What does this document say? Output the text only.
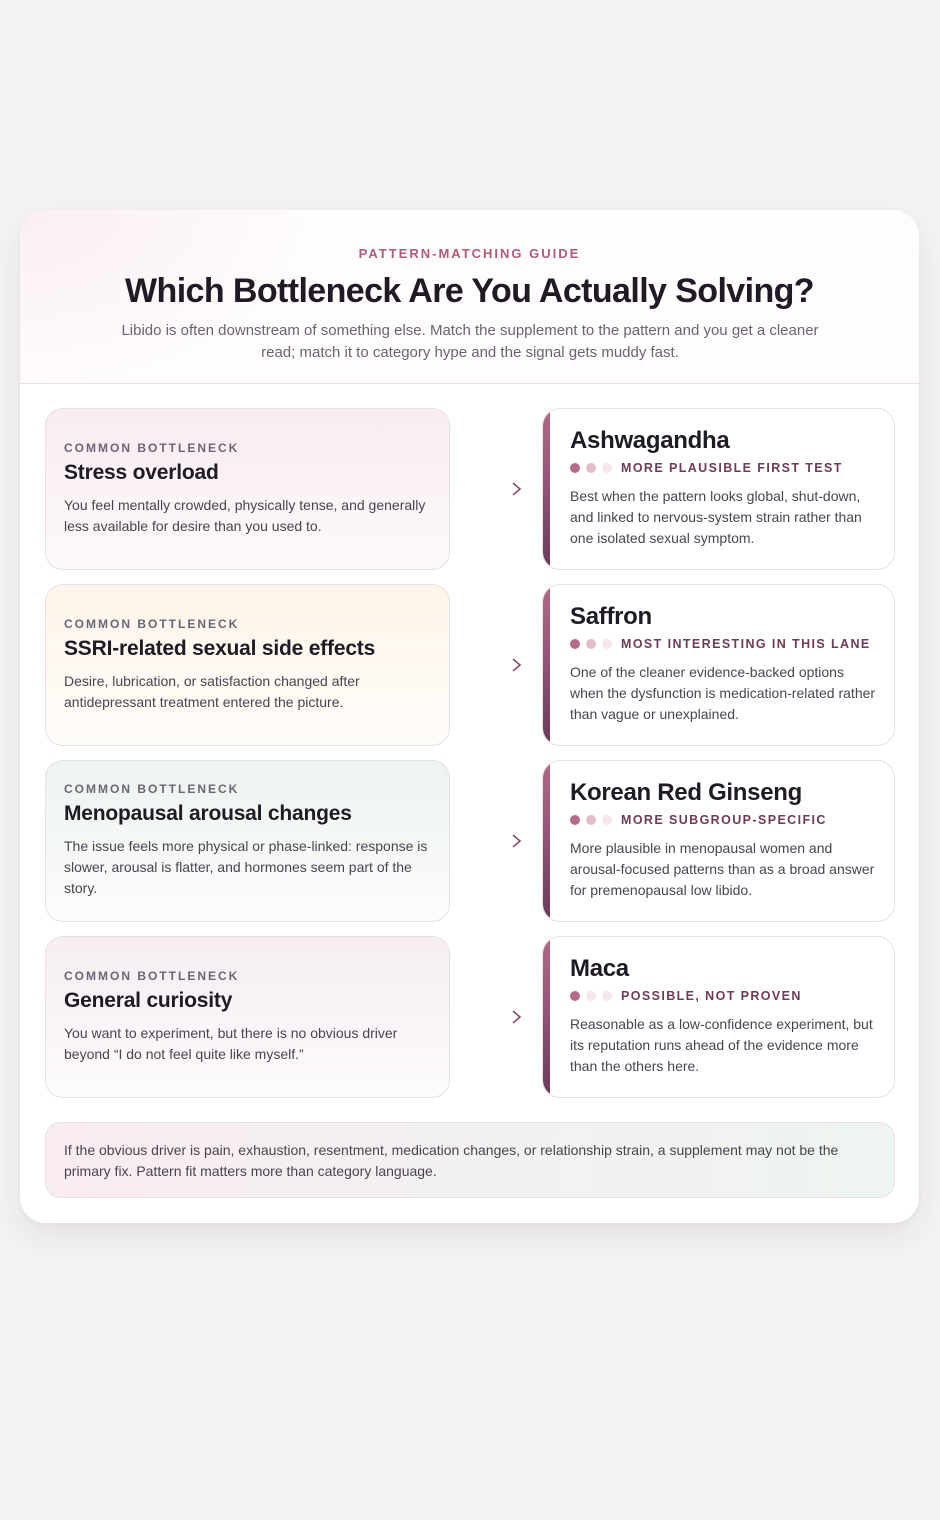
PATTERN-MATCHING GUIDE
Which Bottleneck Are You Actually Solving?

Libido is often downstream of something else. Match the supplement to the pattern and you get a cleaner read; match it to category hype and the signal gets muddy fast.

COMMON BOTTLENECK
Stress overload
You feel mentally crowded, physically tense, and generally less available for desire than you used to.
Ashwagandha
MORE PLAUSIBLE FIRST TEST
Best when the pattern looks global, shut-down, and linked to nervous-system strain rather than one isolated sexual symptom.
COMMON BOTTLENECK
SSRI-related sexual side effects
Desire, lubrication, or satisfaction changed after antidepressant treatment entered the picture.
Saffron
MOST INTERESTING IN THIS LANE
One of the cleaner evidence-backed options when the dysfunction is medication-related rather than vague or unexplained.
COMMON BOTTLENECK
Menopausal arousal changes
The issue feels more physical or phase-linked: response is slower, arousal is flatter, and hormones seem part of the story.
Korean Red Ginseng
MORE SUBGROUP-SPECIFIC
More plausible in menopausal women and arousal-focused patterns than as a broad answer for premenopausal low libido.
COMMON BOTTLENECK
General curiosity
You want to experiment, but there is no obvious driver beyond “I do not feel quite like myself.”
Maca
POSSIBLE, NOT PROVEN
Reasonable as a low-confidence experiment, but its reputation runs ahead of the evidence more than the others here.
If the obvious driver is pain, exhaustion, resentment, medication changes, or relationship strain, a supplement may not be the primary fix. Pattern fit matters more than category language.
